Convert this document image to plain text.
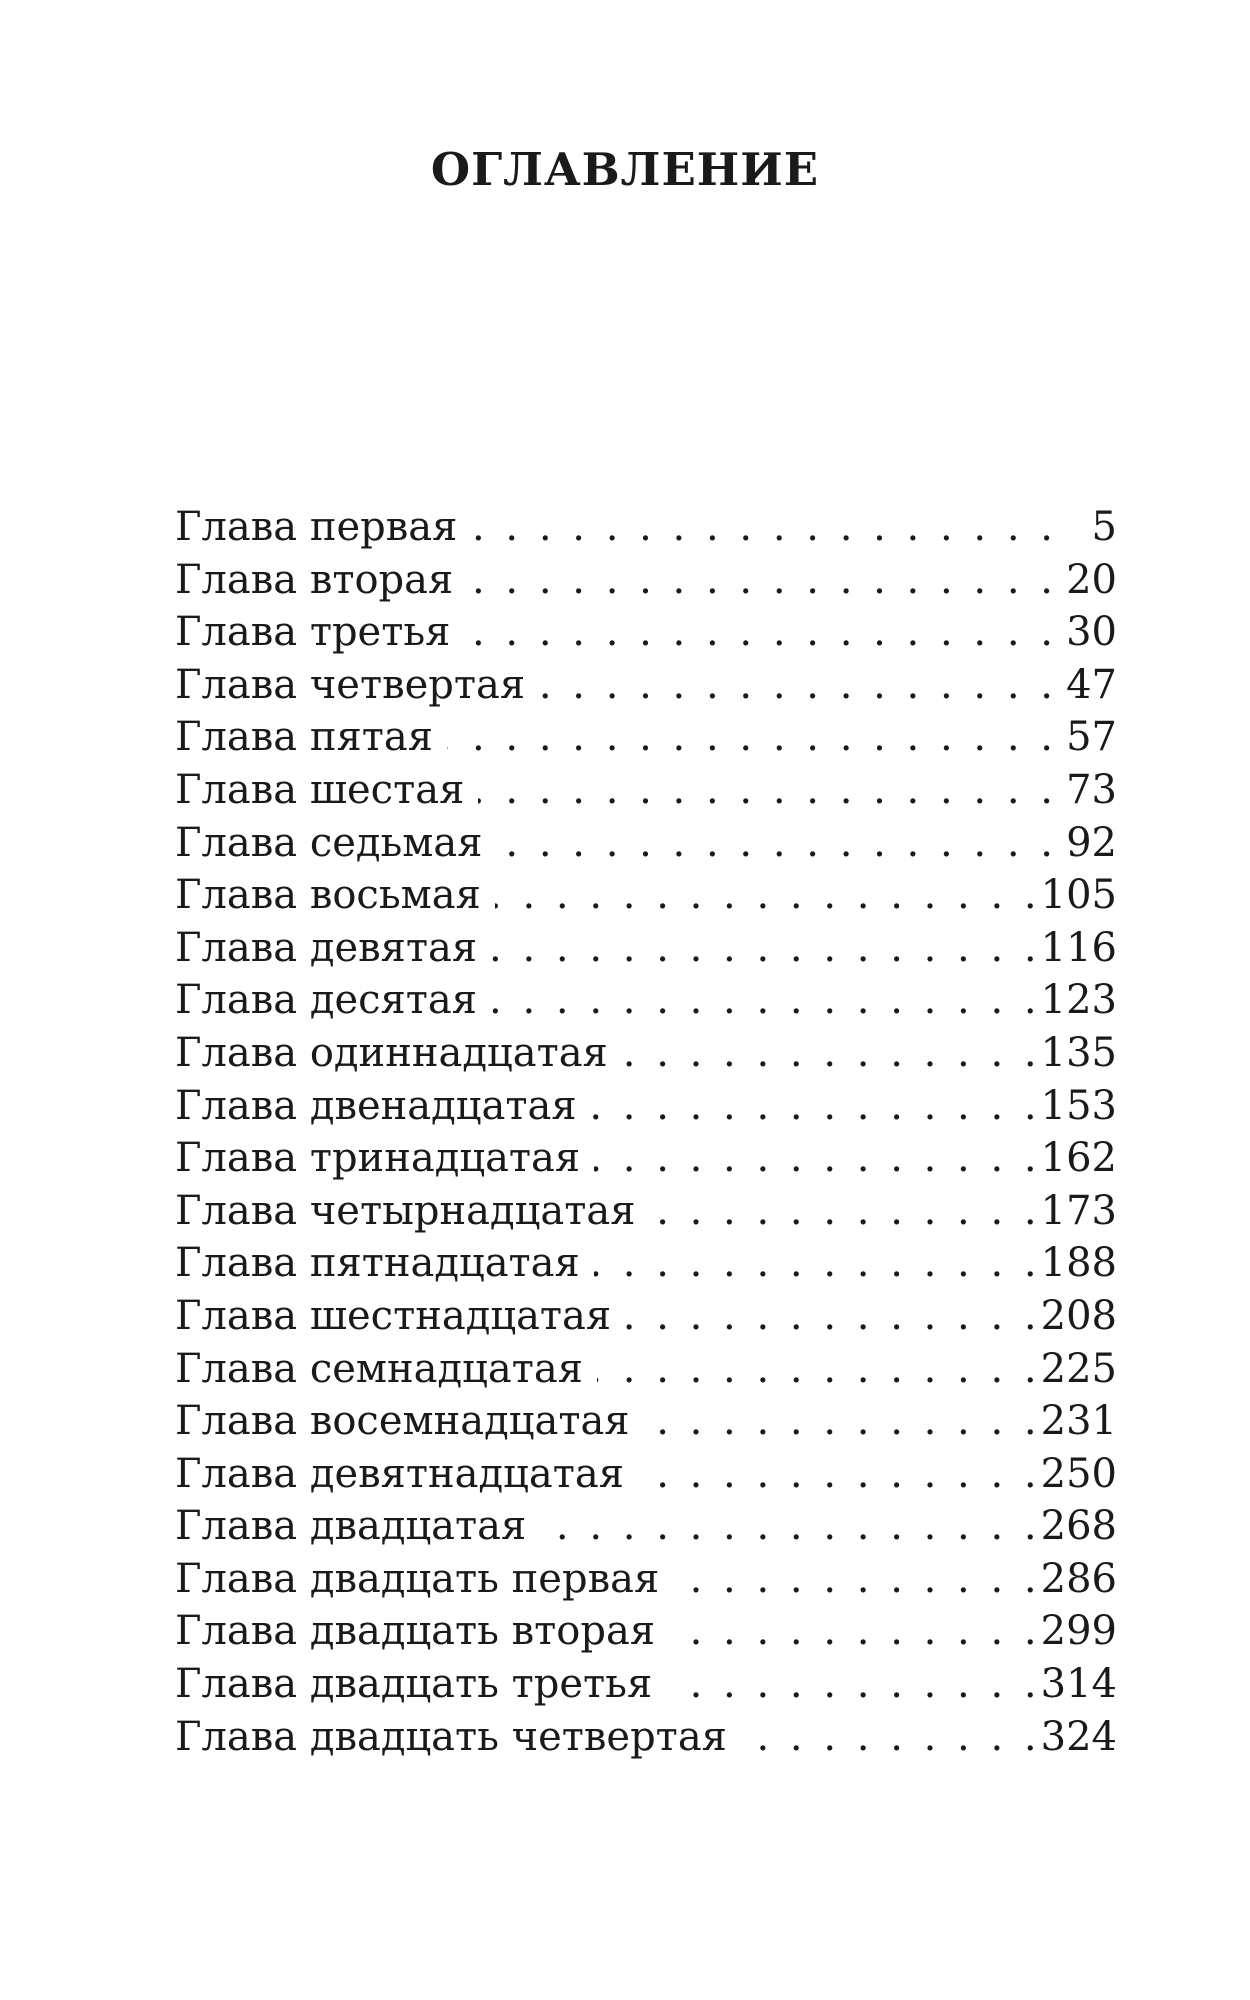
ОГЛАВЛЕНИЕ
Глава первая . . .	5
Глава вторая . . .	20
Глава третья . . .	30
Глава четвертая . . .	47
Глава пятая . . .	57
Глава шестая . . .	73
Глава седьмая . . .	92
Глава восьмая . . .	105
Глава девятая . . .	116
Глава десятая . . .	123
Глава одиннадцатая . . .	135
Глава двенадцатая . . .	153
Глава тринадцатая . . .	162
Глава четырнадцатая . . .	173
Глава пятнадцатая . . .	188
Глава шестнадцатая . . .	208
Глава семнадцатая . . .	225
Глава восемнадцатая . . .	231
Глава девятнадцатая . . .	250
Глава двадцатая . . .	268
Глава двадцать первая . . .	286
Глава двадцать вторая . . .	299
Глава двадцать третья . . .	314
Глава двадцать четвертая . . .	324
